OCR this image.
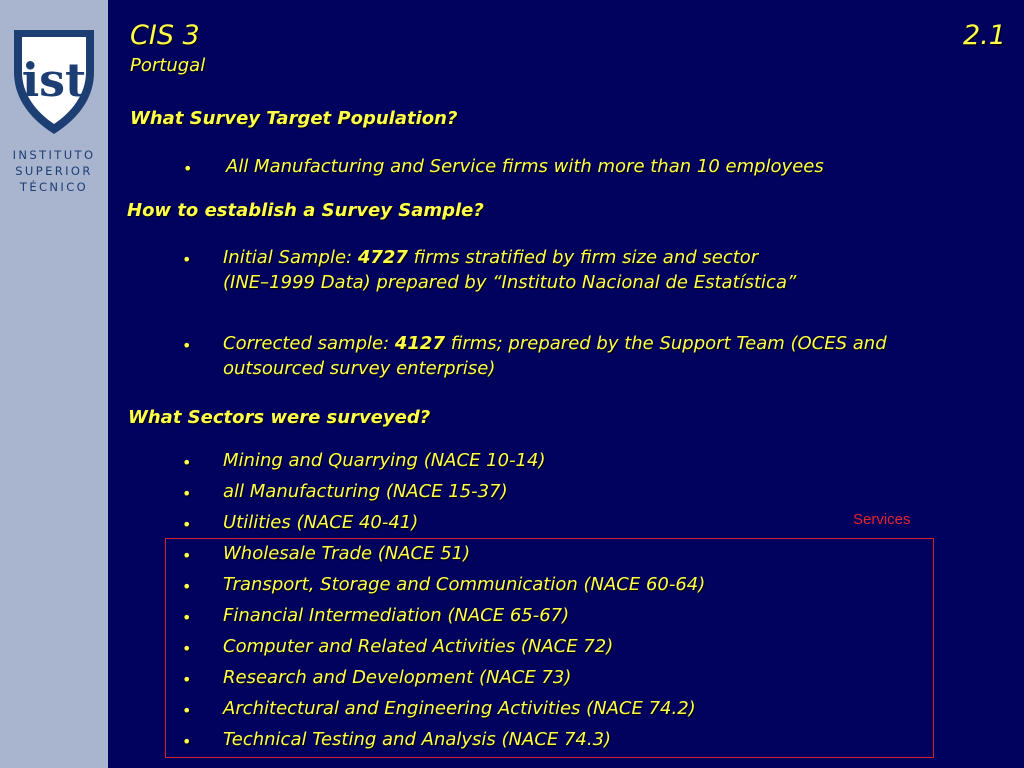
ist
INSTITUTO
SUPERIOR
TÉCNICO
CIS 3	2.1
Portugal
What Survey Target Population?
• All Manufacturing and Service firms with more than 10 employees
How to establish a Survey Sample?
• Initial Sample: 4727 firms stratified by firm size and sector
(INE–1999 Data) prepared by “Instituto Nacional de Estatística”
• Corrected sample: 4127 firms; prepared by the Support Team (OCES and
outsourced survey enterprise)
What Sectors were surveyed?
Services
• Mining and Quarrying (NACE 10-14)
• all Manufacturing (NACE 15-37)
• Utilities (NACE 40-41)
• Wholesale Trade (NACE 51)
• Transport, Storage and Communication (NACE 60-64)
• Financial Intermediation (NACE 65-67)
• Computer and Related Activities (NACE 72)
• Research and Development (NACE 73)
• Architectural and Engineering Activities (NACE 74.2)
• Technical Testing and Analysis (NACE 74.3)
